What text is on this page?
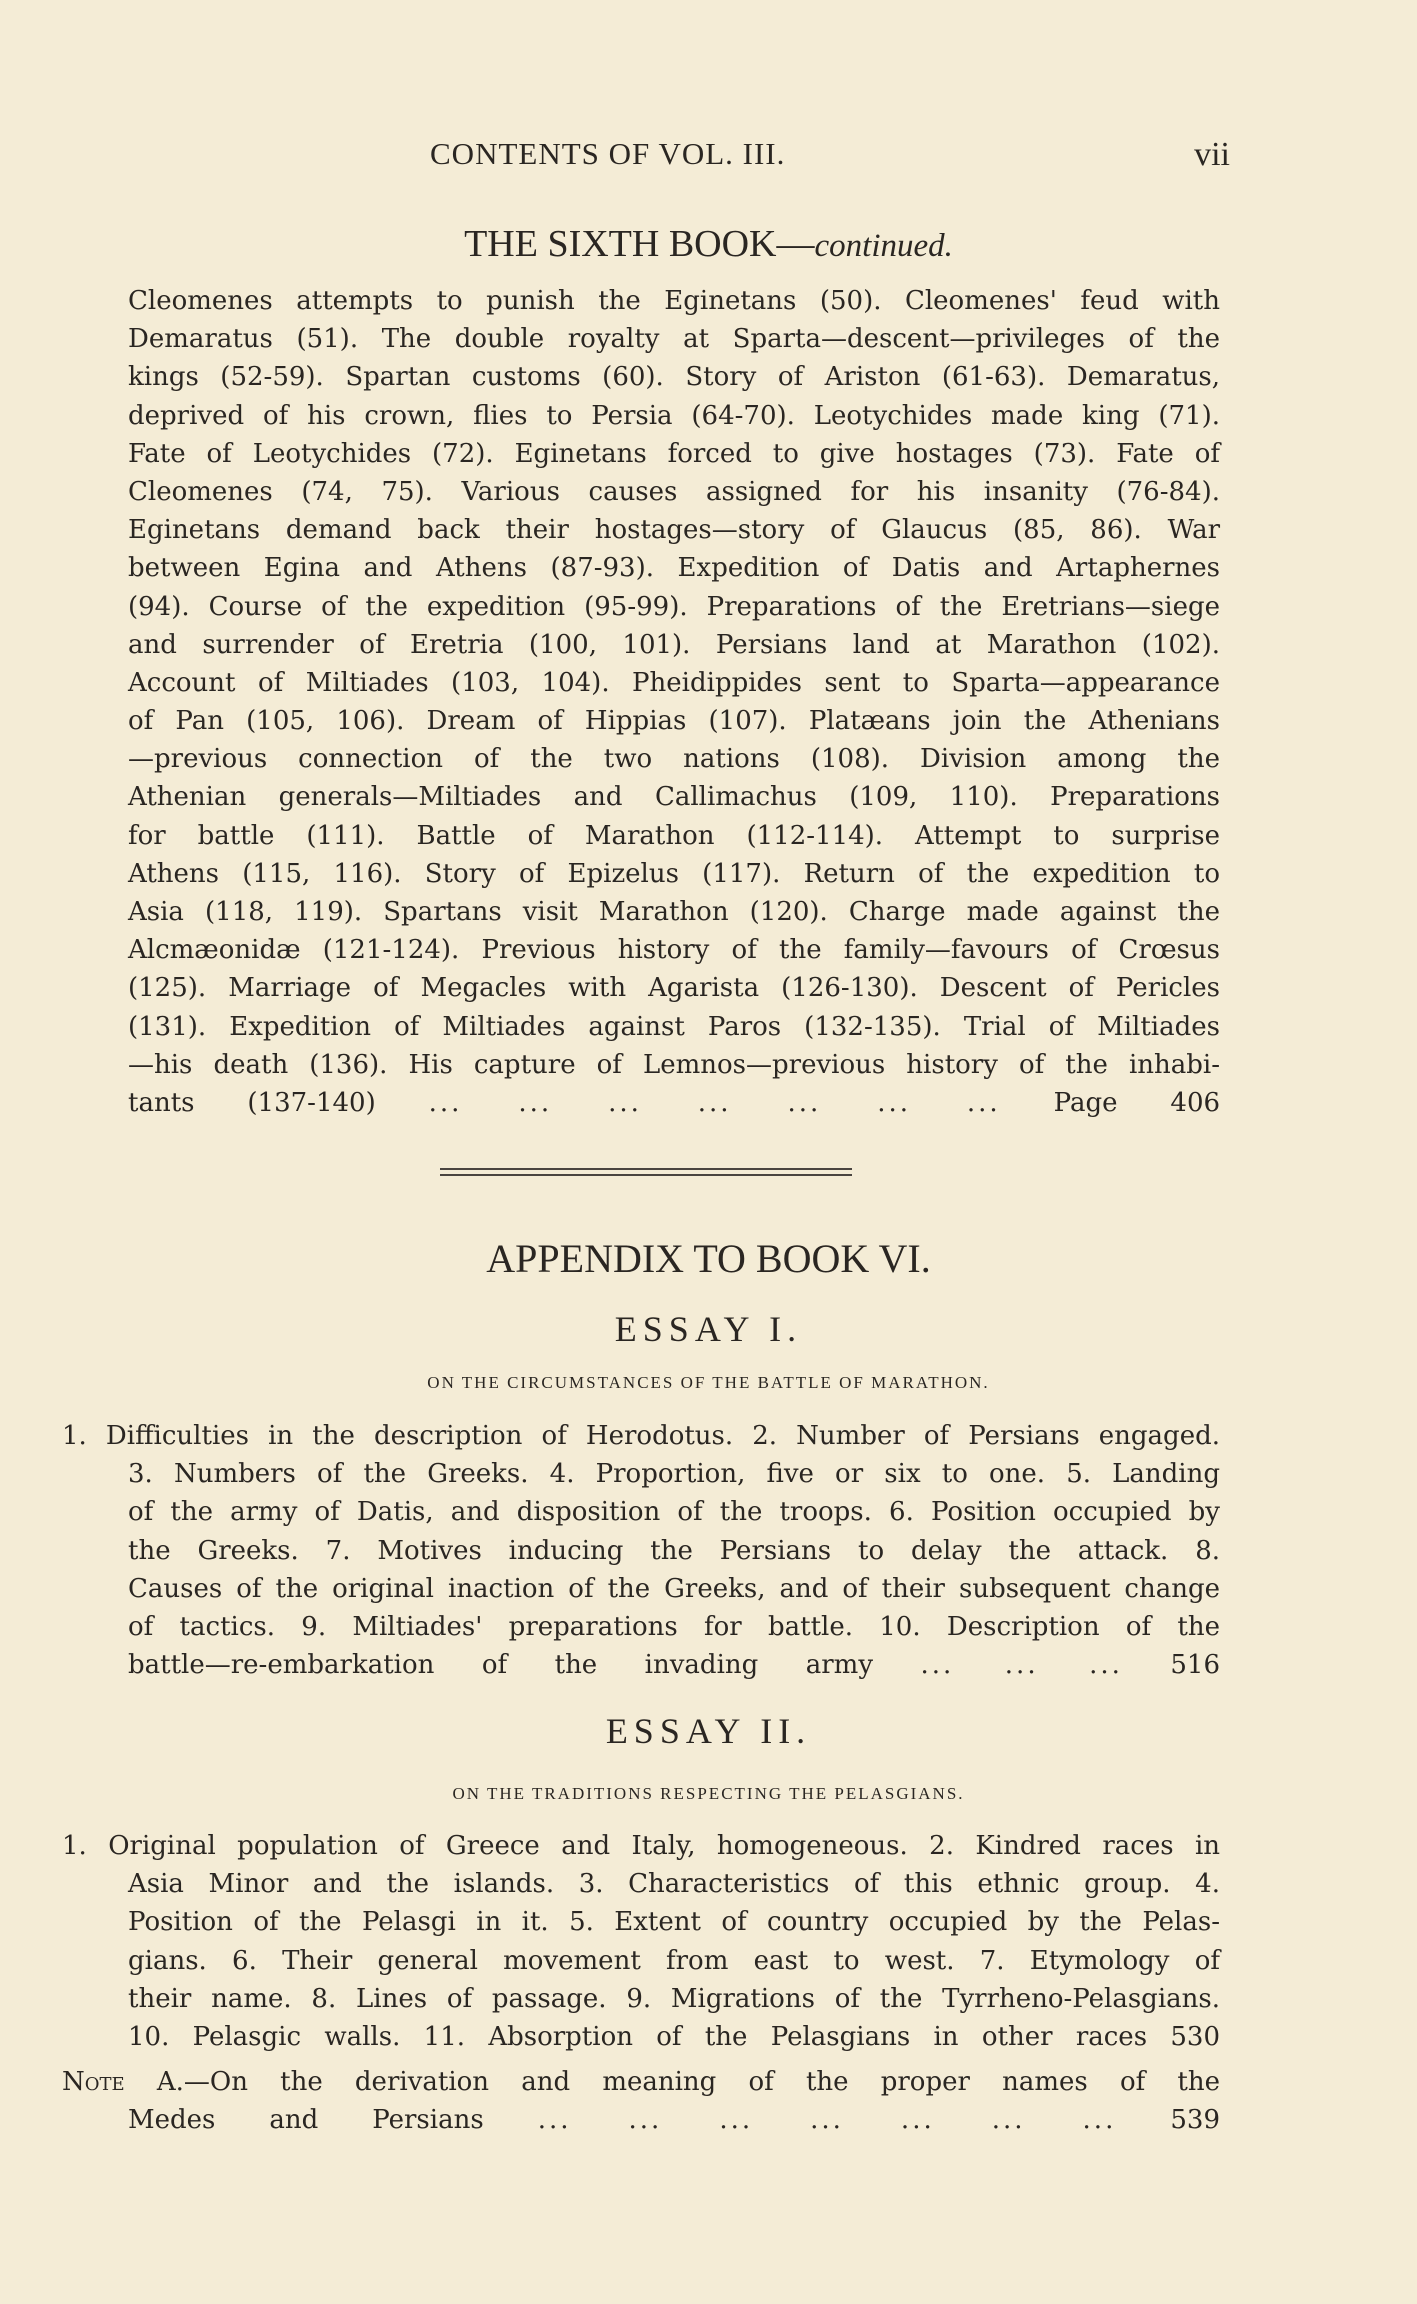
CONTENTS OF VOL. III.	vii
THE SIXTH BOOK—continued.
Cleomenes attempts to punish the Eginetans (50). Cleomenes' feud with
Demaratus (51). The double royalty at Sparta—descent—privileges of the
kings (52-59). Spartan customs (60). Story of Ariston (61-63). Demaratus,
deprived of his crown, flies to Persia (64-70). Leotychides made king (71).
Fate of Leotychides (72). Eginetans forced to give hostages (73). Fate of
Cleomenes (74, 75). Various causes assigned for his insanity (76-84).
Eginetans demand back their hostages—story of Glaucus (85, 86). War
between Egina and Athens (87-93). Expedition of Datis and Artaphernes
(94). Course of the expedition (95-99). Preparations of the Eretrians—siege
and surrender of Eretria (100, 101). Persians land at Marathon (102).
Account of Miltiades (103, 104). Pheidippides sent to Sparta—appearance
of Pan (105, 106). Dream of Hippias (107). Platæans join the Athenians
—previous connection of the two nations (108). Division among the
Athenian generals—Miltiades and Callimachus (109, 110). Preparations
for battle (111). Battle of Marathon (112-114). Attempt to surprise
Athens (115, 116). Story of Epizelus (117). Return of the expedition to
Asia (118, 119). Spartans visit Marathon (120). Charge made against the
Alcmæonidæ (121-124). Previous history of the family—favours of Crœsus
(125). Marriage of Megacles with Agarista (126-130). Descent of Pericles
(131). Expedition of Miltiades against Paros (132-135). Trial of Miltiades
—his death (136). His capture of Lemnos—previous history of the inhabi-
tants (137-140) ... ... ... ... ... ... ... Page 406
APPENDIX TO BOOK VI.
ESSAY I.
ON THE CIRCUMSTANCES OF THE BATTLE OF MARATHON.
1. Difficulties in the description of Herodotus. 2. Number of Persians engaged.
3. Numbers of the Greeks. 4. Proportion, five or six to one. 5. Landing
of the army of Datis, and disposition of the troops. 6. Position occupied by
the Greeks. 7. Motives inducing the Persians to delay the attack. 8.
Causes of the original inaction of the Greeks, and of their subsequent change
of tactics. 9. Miltiades' preparations for battle. 10. Description of the
battle—re-embarkation of the invading army ... ... ... 516
ESSAY II.
ON THE TRADITIONS RESPECTING THE PELASGIANS.
1. Original population of Greece and Italy, homogeneous. 2. Kindred races in
Asia Minor and the islands. 3. Characteristics of this ethnic group. 4.
Position of the Pelasgi in it. 5. Extent of country occupied by the Pelas-
gians. 6. Their general movement from east to west. 7. Etymology of
their name. 8. Lines of passage. 9. Migrations of the Tyrrheno-Pelasgians.
10. Pelasgic walls. 11. Absorption of the Pelasgians in other races 530
Note A.—On the derivation and meaning of the proper names of the
Medes and Persians ... ... ... ... ... ... ... 539
